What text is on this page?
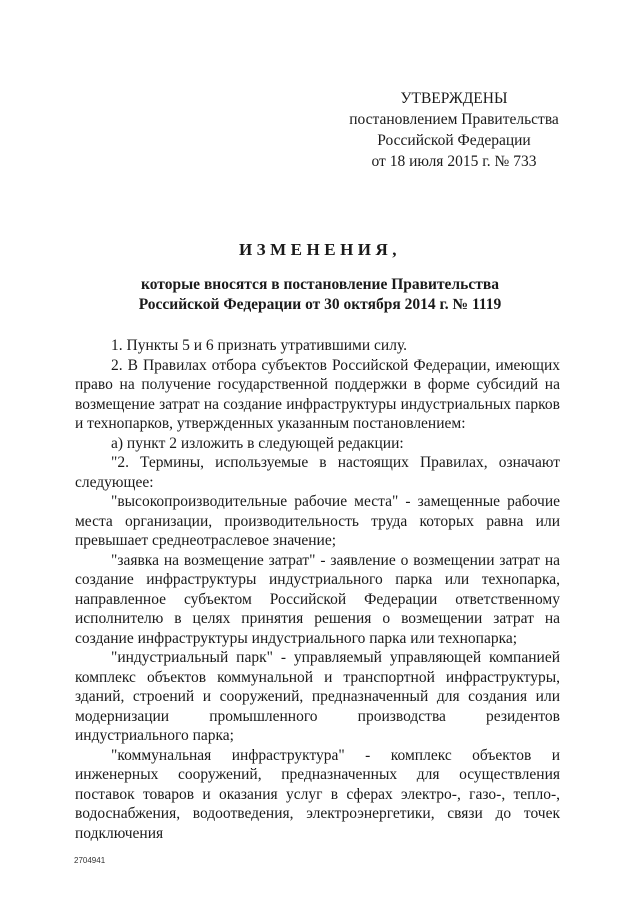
УТВЕРЖДЕНЫ
постановлением Правительства
Российской Федерации
от 18 июля 2015 г. № 733
ИЗМЕНЕНИЯ,
которые вносятся в постановление Правительства
Российской Федерации от 30 октября 2014 г. № 1119

1. Пункты 5 и 6 признать утратившими силу.

2. В Правилах отбора субъектов Российской Федерации, имеющих право на получение государственной поддержки в форме субсидий на возмещение затрат на создание инфраструктуры индустриальных парков и технопарков, утвержденных указанным постановлением:

а) пункт 2 изложить в следующей редакции:

"2. Термины, используемые в настоящих Правилах, означают следующее:

"высокопроизводительные рабочие места" - замещенные рабочие места организации, производительность труда которых равна или превышает среднеотраслевое значение;

"заявка на возмещение затрат" - заявление о возмещении затрат на создание инфраструктуры индустриального парка или технопарка, направленное субъектом Российской Федерации ответственному исполнителю в целях принятия решения о возмещении затрат на создание инфраструктуры индустриального парка или технопарка;

"индустриальный парк" - управляемый управляющей компанией комплекс объектов коммунальной и транспортной инфраструктуры, зданий, строений и сооружений, предназначенный для создания или модернизации промышленного производства резидентов индустриального парка;

"коммунальная инфраструктура" - комплекс объектов и инженерных сооружений, предназначенных для осуществления поставок товаров и оказания услуг в сферах электро-, газо-, тепло-, водоснабжения, водоотведения, электроэнергетики, связи до точек подключения

2704941
